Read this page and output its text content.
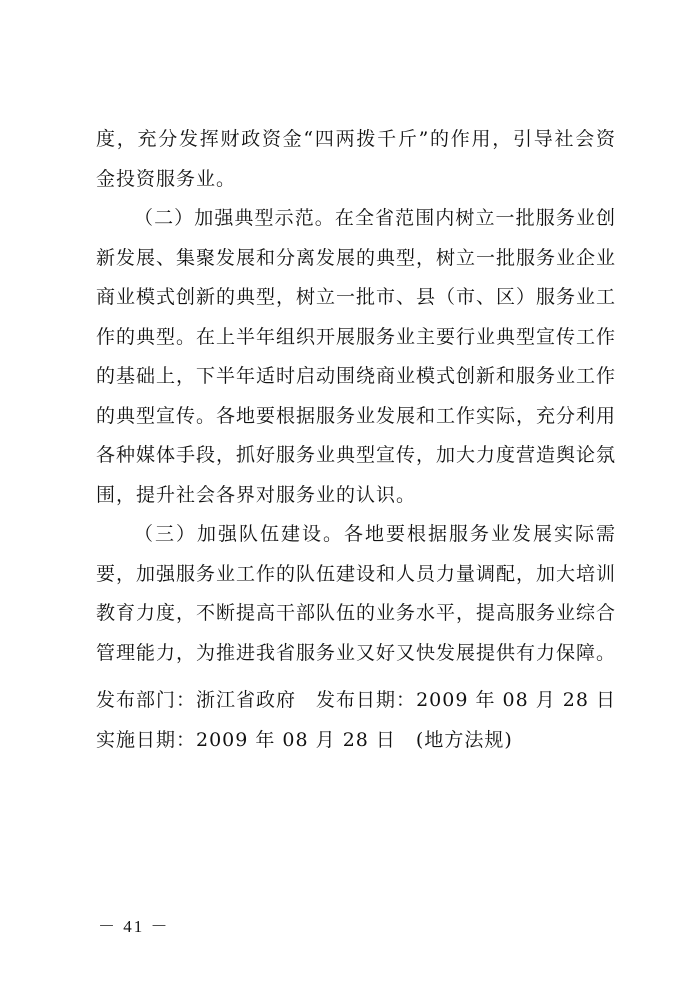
度，充分发挥财政资金“四两拨千斤”的作用，引导社会资金投资服务业。

（二）加强典型示范。在全省范围内树立一批服务业创新发展、集聚发展和分离发展的典型，树立一批服务业企业商业模式创新的典型，树立一批市、县（市、区）服务业工作的典型。在上半年组织开展服务业主要行业典型宣传工作的基础上，下半年适时启动围绕商业模式创新和服务业工作的典型宣传。各地要根据服务业发展和工作实际，充分利用各种媒体手段，抓好服务业典型宣传，加大力度营造舆论氛围，提升社会各界对服务业的认识。

（三）加强队伍建设。各地要根据服务业发展实际需要，加强服务业工作的队伍建设和人员力量调配，加大培训教育力度，不断提高干部队伍的业务水平，提高服务业综合管理能力，为推进我省服务业又好又快发展提供有力保障。

发布部门：浙江省政府　发布日期：2009 年 08 月 28 日　实施日期：2009 年 08 月 28 日　(地方法规)

－ 41 －
